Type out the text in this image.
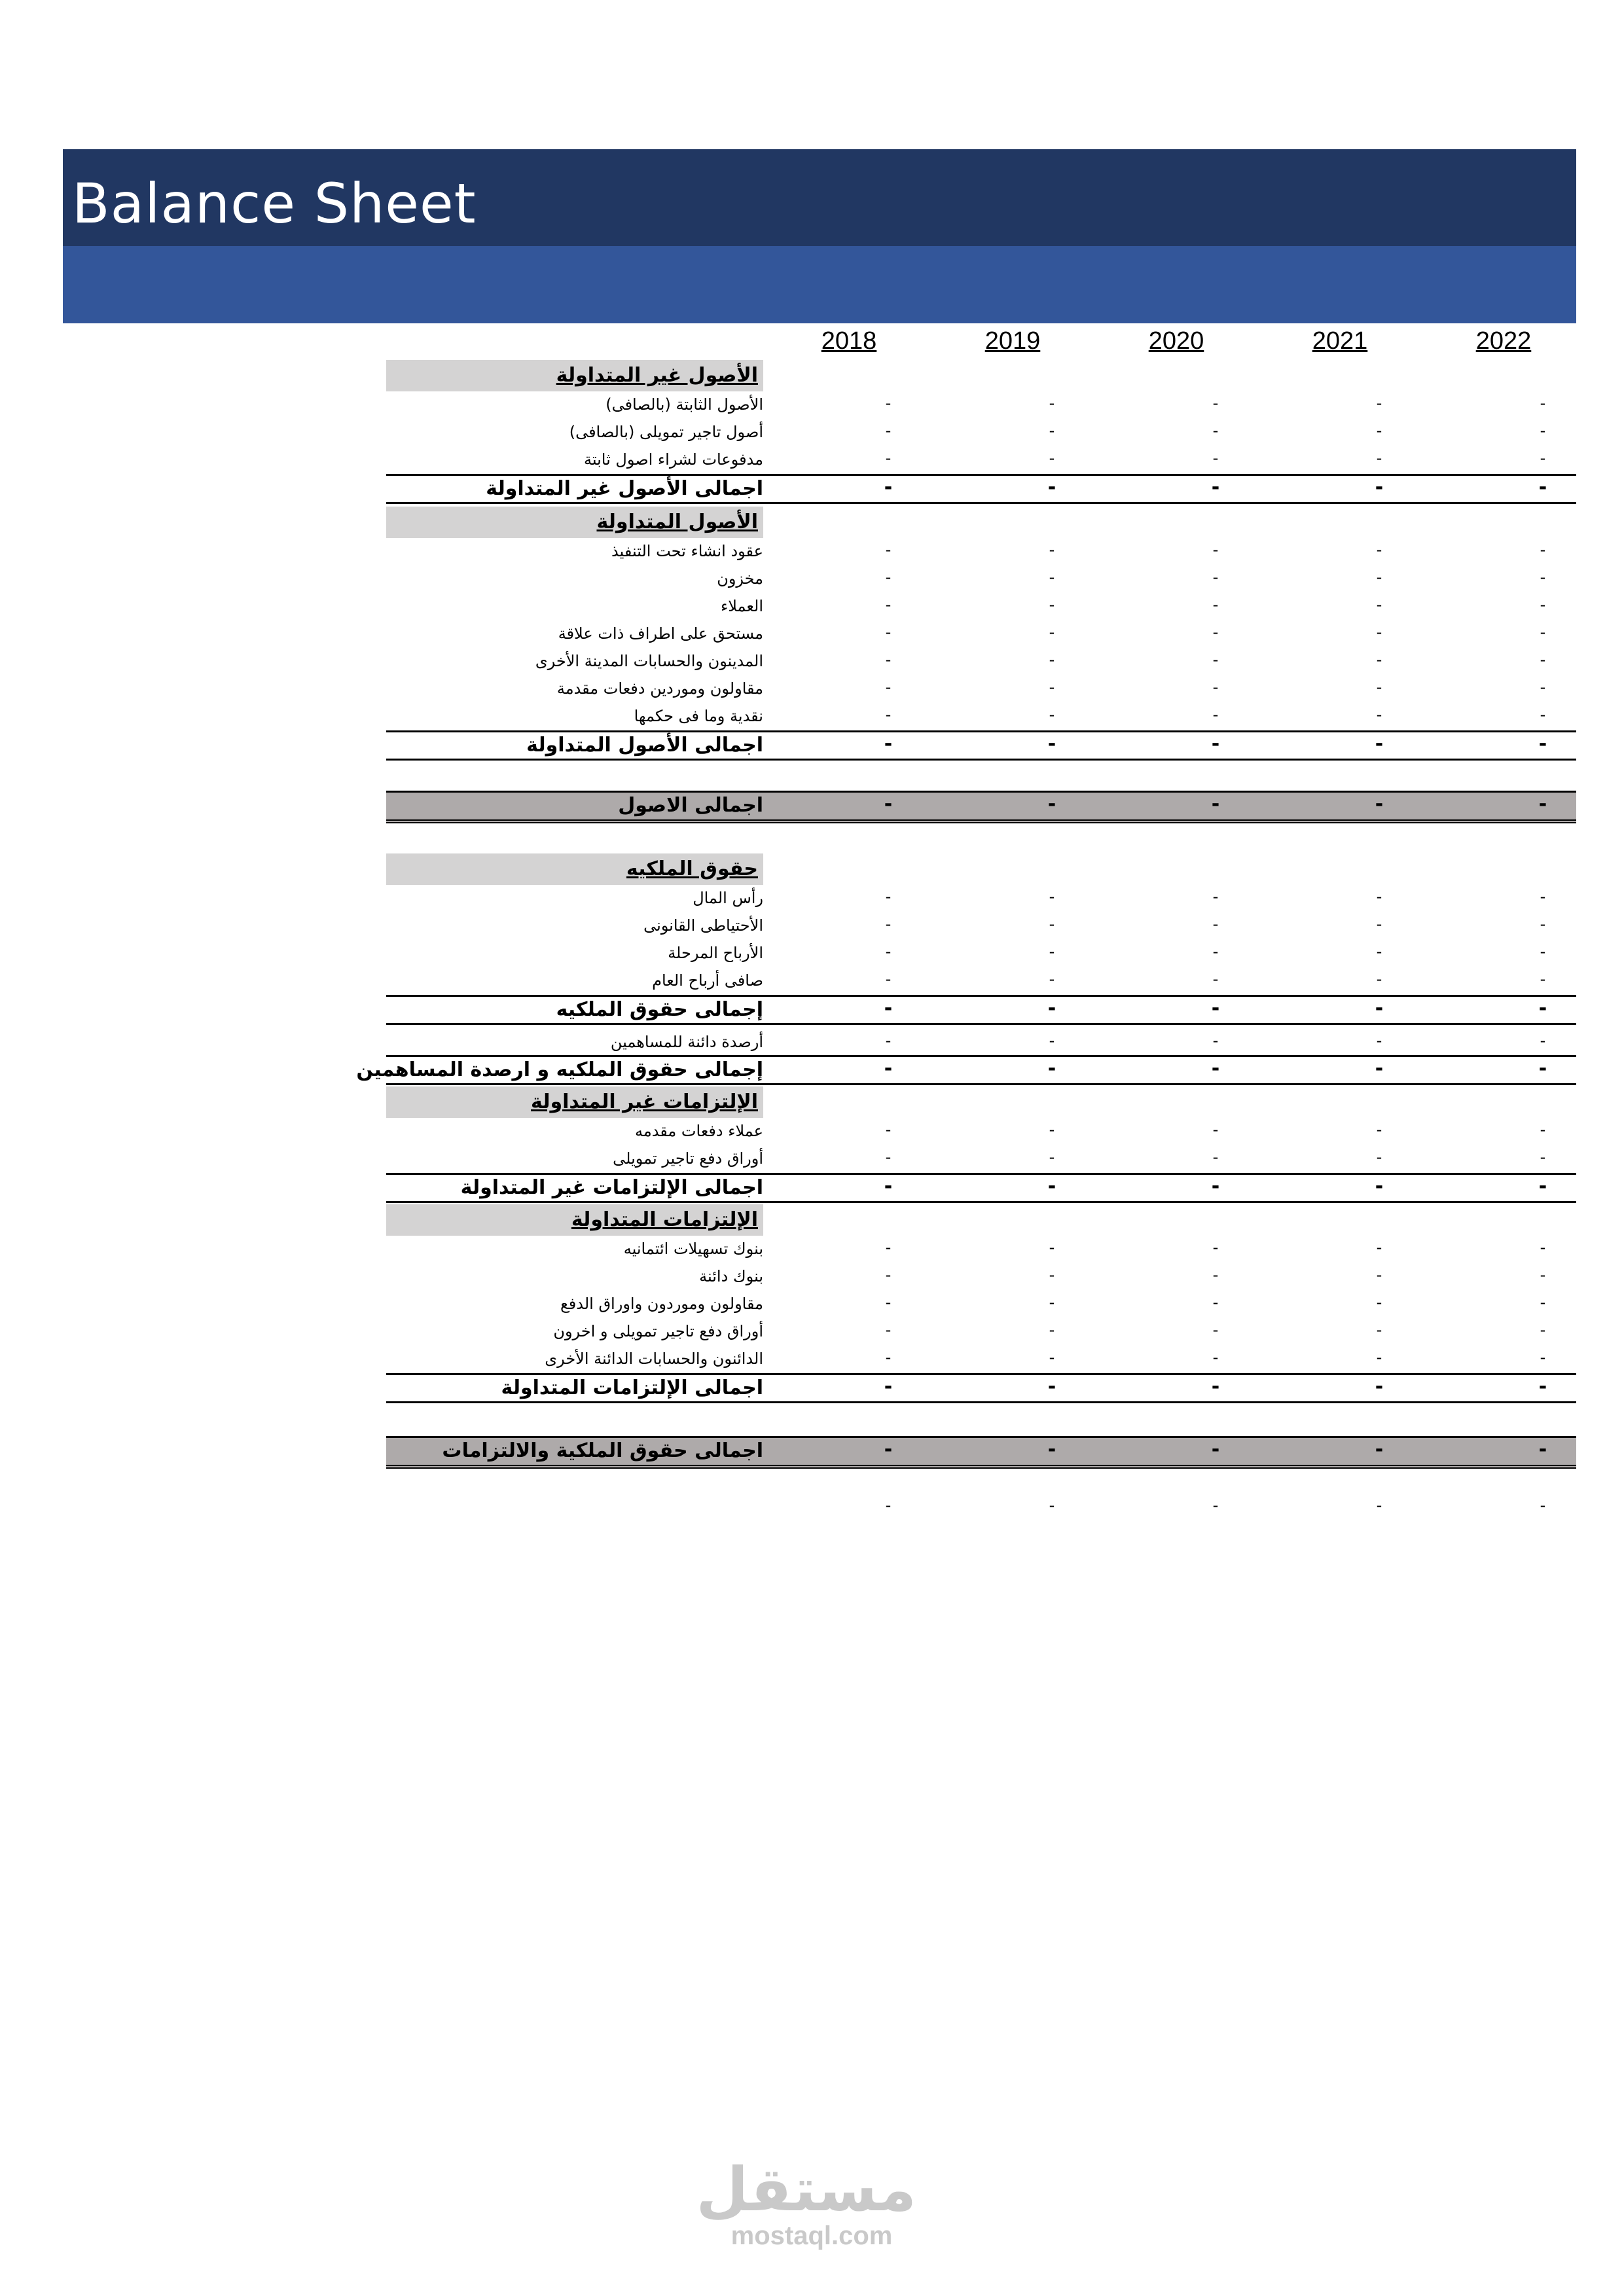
Balance Sheet
2018	2019	2020	2021	2022
الأصول غير المتداولة
الأصول الثابتة (بالصافى)	-	-	-	-	-
أصول تاجير تمويلى (بالصافى)	-	-	-	-	-
مدفوعات لشراء اصول ثابتة	-	-	-	-	-
اجمالى الأصول غير المتداولة	-	-	-	-	-
الأصول المتداولة
عقود انشاء تحت التنفيذ	-	-	-	-	-
مخزون	-	-	-	-	-
العملاء	-	-	-	-	-
مستحق على اطراف ذات علاقة	-	-	-	-	-
المدينون والحسابات المدينة الأخرى	-	-	-	-	-
مقاولون وموردين دفعات مقدمة	-	-	-	-	-
نقدية وما فى حكمها	-	-	-	-	-
اجمالى الأصول المتداولة	-	-	-	-	-
اجمالى الاصول	-	-	-	-	-
حقوق الملكيه
رأس المال	-	-	-	-	-
الأحتياطى القانونى	-	-	-	-	-
الأرباح المرحلة	-	-	-	-	-
صافى أرباح العام	-	-	-	-	-
إجمالى حقوق الملكيه	-	-	-	-	-
أرصدة دائنة للمساهمين	-	-	-	-	-
إجمالى حقوق الملكيه و ارصدة المساهمين	-	-	-	-	-
الإلتزامات غير المتداولة
عملاء دفعات مقدمه	-	-	-	-	-
أوراق دفع تاجير تمويلى	-	-	-	-	-
اجمالى الإلتزامات غير المتداولة	-	-	-	-	-
الإلتزامات المتداولة
بنوك تسهيلات ائتمانيه	-	-	-	-	-
بنوك دائنة	-	-	-	-	-
مقاولون وموردون واوراق الدفع	-	-	-	-	-
أوراق دفع تاجير تمويلى و اخرون	-	-	-	-	-
الدائنون والحسابات الدائنة الأخرى	-	-	-	-	-
اجمالى الإلتزامات المتداولة	-	-	-	-	-
اجمالى حقوق الملكية والالتزامات	-	-	-	-	-
-	-	-	-	-
مستقل
mostaql.com
